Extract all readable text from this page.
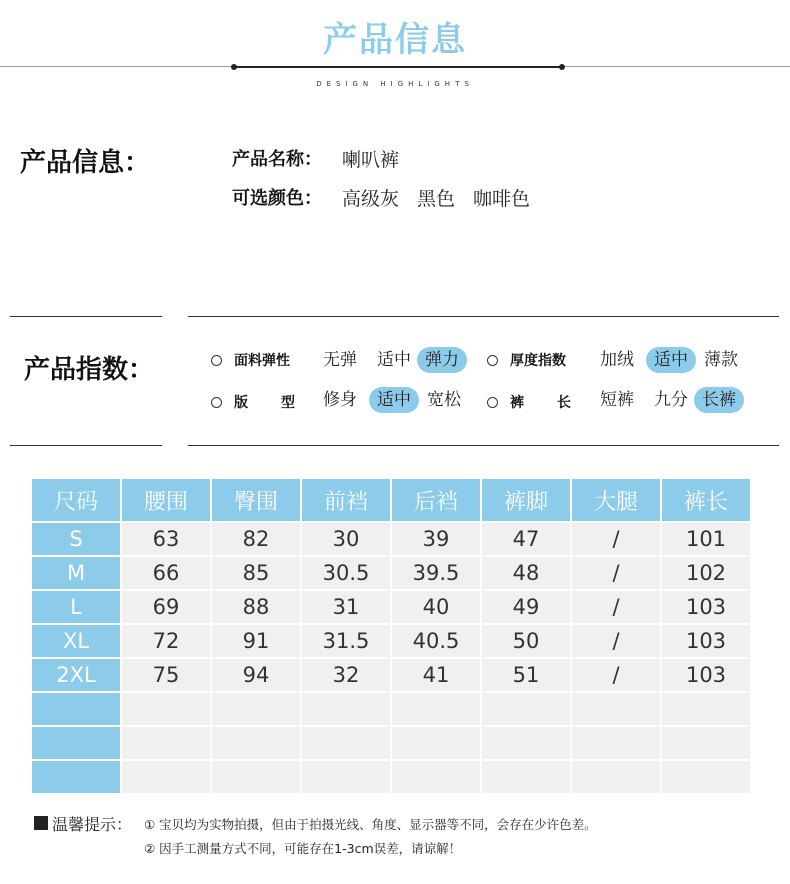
产品信息
DESIGN HIGHLIGHTS
产品信息：	产品名称： 喇叭裤
可选颜色： 高级灰 黑色 咖啡色
产品指数：	面料弹性 无弹 适中 弹力	厚度指数 加绒	适中 薄款
版 型 修身	适中 宽松	裤 长 短裤 九分 长裤
尺码	腰围	臀围	前裆	后裆	裤脚	大腿	裤长
S	63	82	30	39	47	/	101
M	66	85	30.5	39.5	48	/	102
L	69	88	31	40	49	/	103
XL	72	91	31.5	40.5	50	/	103
2XL	75	94	32	41	51	/	103

温馨提示： ① 宝贝均为实物拍摄，但由于拍摄光线、角度、显示器等不同，会存在少许色差。
② 因手工测量方式不同，可能存在1-3cm误差，请谅解！
